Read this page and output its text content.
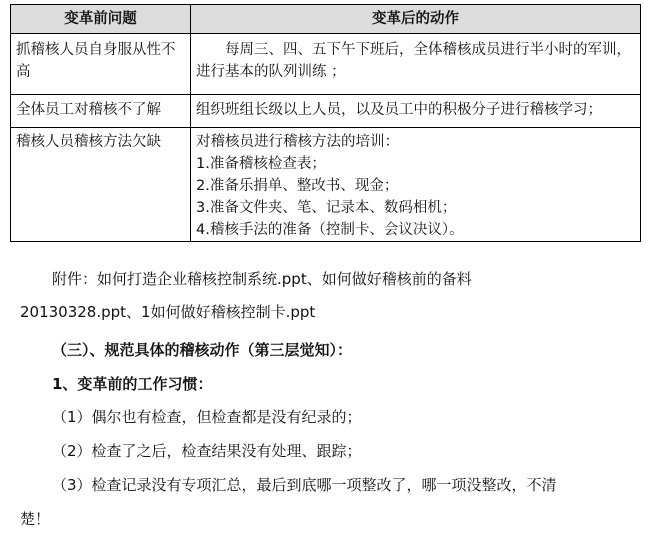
变革前问题	变革后的动作
抓稽核人员自身服从性不高	每周三、四、五下午下班后，全体稽核成员进行半小时的军训，进行基本的队列训练 ；
全体员工对稽核不了解	组织班组长级以上人员，以及员工中的积极分子进行稽核学习；
稽核人员稽核方法欠缺	对稽核员进行稽核方法的培训：
1.准备稽核检查表；
2.准备乐捐单、整改书、现金；
3.准备文件夹、笔、记录本、数码相机；
4.稽核手法的准备（控制卡、会议决议）。

附件：如何打造企业稽核控制系统.ppt、如何做好稽核前的备料

20130328.ppt、1如何做好稽核控制卡.ppt

（三）、规范具体的稽核动作（第三层觉知）：

1、变革前的工作习惯：

（1）偶尔也有检查，但检查都是没有纪录的；

（2）检查了之后，检查结果没有处理、跟踪；

（3）检查记录没有专项汇总，最后到底哪一项整改了，哪一项没整改，不清

楚！
